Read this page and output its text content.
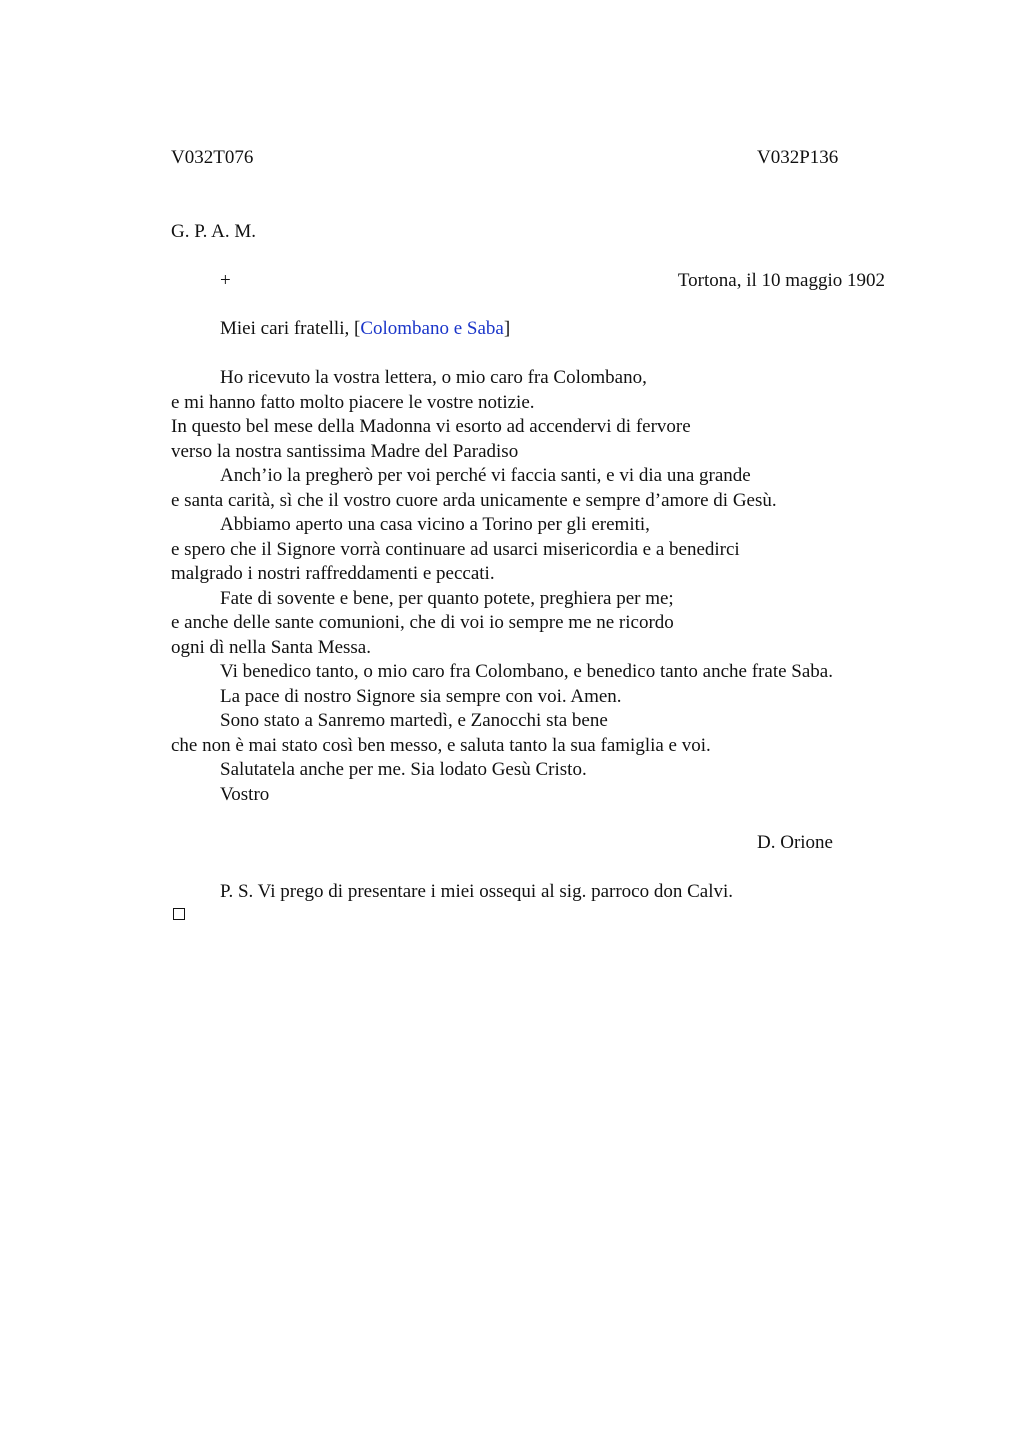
V032T076	V032P136
G. P. A. M.
+	Tortona, il 10 maggio 1902
Miei cari fratelli, [Colombano e Saba]
Ho ricevuto la vostra lettera, o mio caro fra Colombano,
e mi hanno fatto molto piacere le vostre notizie.
In questo bel mese della Madonna vi esorto ad accendervi di fervore
verso la nostra santissima Madre del Paradiso
Anch’io la pregherò per voi perché vi faccia santi, e vi dia una grande
e santa carità, sì che il vostro cuore arda unicamente e sempre d’amore di Gesù.
Abbiamo aperto una casa vicino a Torino per gli eremiti,
e spero che il Signore vorrà continuare ad usarci misericordia e a benedirci
malgrado i nostri raffreddamenti e peccati.
Fate di sovente e bene, per quanto potete, preghiera per me;
e anche delle sante comunioni, che di voi io sempre me ne ricordo
ogni dì nella Santa Messa.
Vi benedico tanto, o mio caro fra Colombano, e benedico tanto anche frate Saba.
La pace di nostro Signore sia sempre con voi. Amen.
Sono stato a Sanremo martedì, e Zanocchi sta bene
che non è mai stato così ben messo, e saluta tanto la sua famiglia e voi.
Salutatela anche per me. Sia lodato Gesù Cristo.
Vostro
D. Orione
P. S. Vi prego di presentare i miei ossequi al sig. parroco don Calvi.
